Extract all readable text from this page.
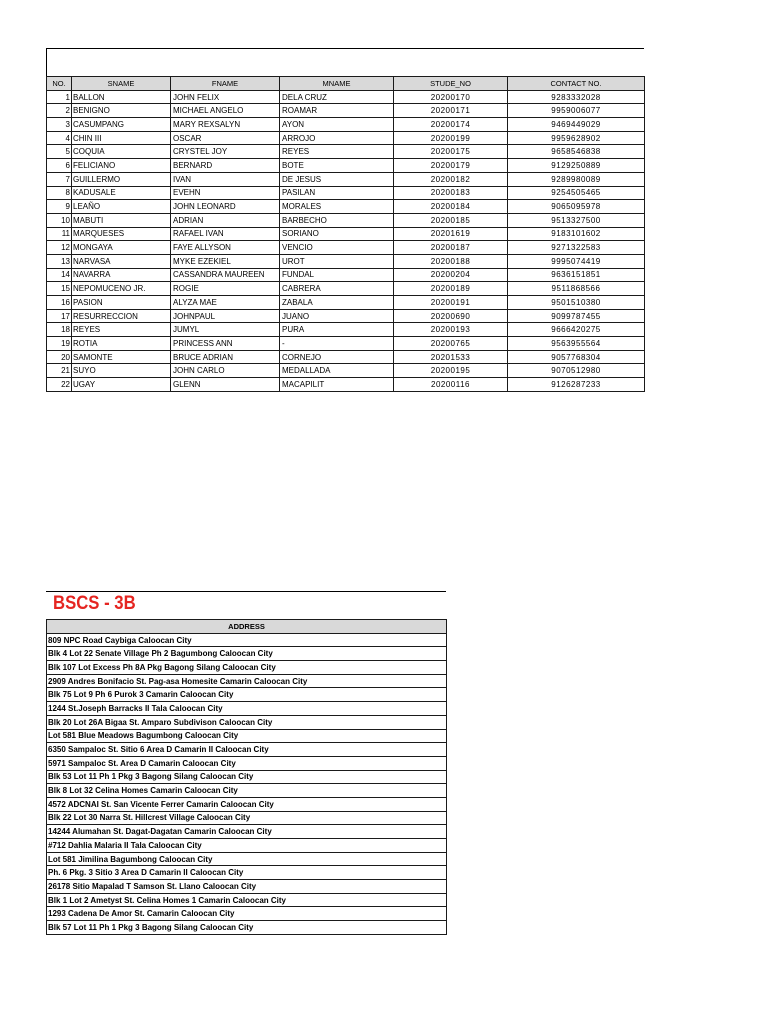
NO.	SNAME	FNAME	MNAME	STUDE_NO	CONTACT NO.
1	BALLON	JOHN FELIX	DELA CRUZ	20200170	9283332028
2	BENIGNO	MICHAEL ANGELO	ROAMAR	20200171	9959006077
3	CASUMPANG	MARY REXSALYN	AYON	20200174	9469449029
4	CHIN III	OSCAR	ARROJO	20200199	9959628902
5	COQUIA	CRYSTEL JOY	REYES	20200175	9658546838
6	FELICIANO	BERNARD	BOTE	20200179	9129250889
7	GUILLERMO	IVAN	DE JESUS	20200182	9289980089
8	KADUSALE	EVEHN	PASILAN	20200183	9254505465
9	LEAÑO	JOHN LEONARD	MORALES	20200184	9065095978
10	MABUTI	ADRIAN	BARBECHO	20200185	9513327500
11	MARQUESES	RAFAEL IVAN	SORIANO	20201619	9183101602
12	MONGAYA	FAYE ALLYSON	VENCIO	20200187	9271322583
13	NARVASA	MYKE EZEKIEL	UROT	20200188	9995074419
14	NAVARRA	CASSANDRA MAUREEN	FUNDAL	20200204	9636151851
15	NEPOMUCENO JR.	ROGIE	CABRERA	20200189	9511868566
16	PASION	ALYZA MAE	ZABALA	20200191	9501510380
17	RESURRECCION	JOHNPAUL	JUANO	20200690	9099787455
18	REYES	JUMYL	PURA	20200193	9666420275
19	ROTIA	PRINCESS ANN	-	20200765	9563955564
20	SAMONTE	BRUCE ADRIAN	CORNEJO	20201533	9057768304
21	SUYO	JOHN CARLO	MEDALLADA	20200195	9070512980
22	UGAY	GLENN	MACAPILIT	20200116	9126287233
BSCS - 3B
ADDRESS
809 NPC Road Caybiga Caloocan City
Blk 4 Lot 22 Senate Village Ph 2 Bagumbong Caloocan City
Blk 107 Lot Excess Ph 8A Pkg Bagong Silang Caloocan City
2909 Andres Bonifacio St. Pag-asa Homesite Camarin Caloocan City
Blk 75 Lot 9 Ph 6 Purok 3 Camarin Caloocan City
1244 St.Joseph Barracks II Tala Caloocan City
Blk 20 Lot 26A Bigaa St. Amparo Subdivison Caloocan City
Lot 581 Blue Meadows Bagumbong Caloocan City
6350 Sampaloc St. Sitio 6 Area D Camarin II Caloocan City
5971 Sampaloc St. Area D Camarin Caloocan City
Blk 53 Lot 11 Ph 1 Pkg 3 Bagong Silang Caloocan City
Blk 8 Lot 32 Celina Homes Camarin Caloocan City
4572 ADCNAI St. San Vicente Ferrer Camarin Caloocan City
Blk 22 Lot 30 Narra St. Hillcrest Village Caloocan City
14244 Alumahan St. Dagat-Dagatan Camarin Caloocan City
#712 Dahlia Malaria II Tala Caloocan City
Lot 581 Jimilina Bagumbong Caloocan City
Ph. 6 Pkg. 3 Sitio 3 Area D Camarin II Caloocan City
26178 Sitio Mapalad T Samson St. Llano Caloocan City
Blk 1 Lot 2 Ametyst St. Celina Homes 1 Camarin Caloocan City
1293 Cadena De Amor St. Camarin Caloocan City
Blk 57 Lot 11 Ph 1 Pkg 3 Bagong Silang Caloocan City
